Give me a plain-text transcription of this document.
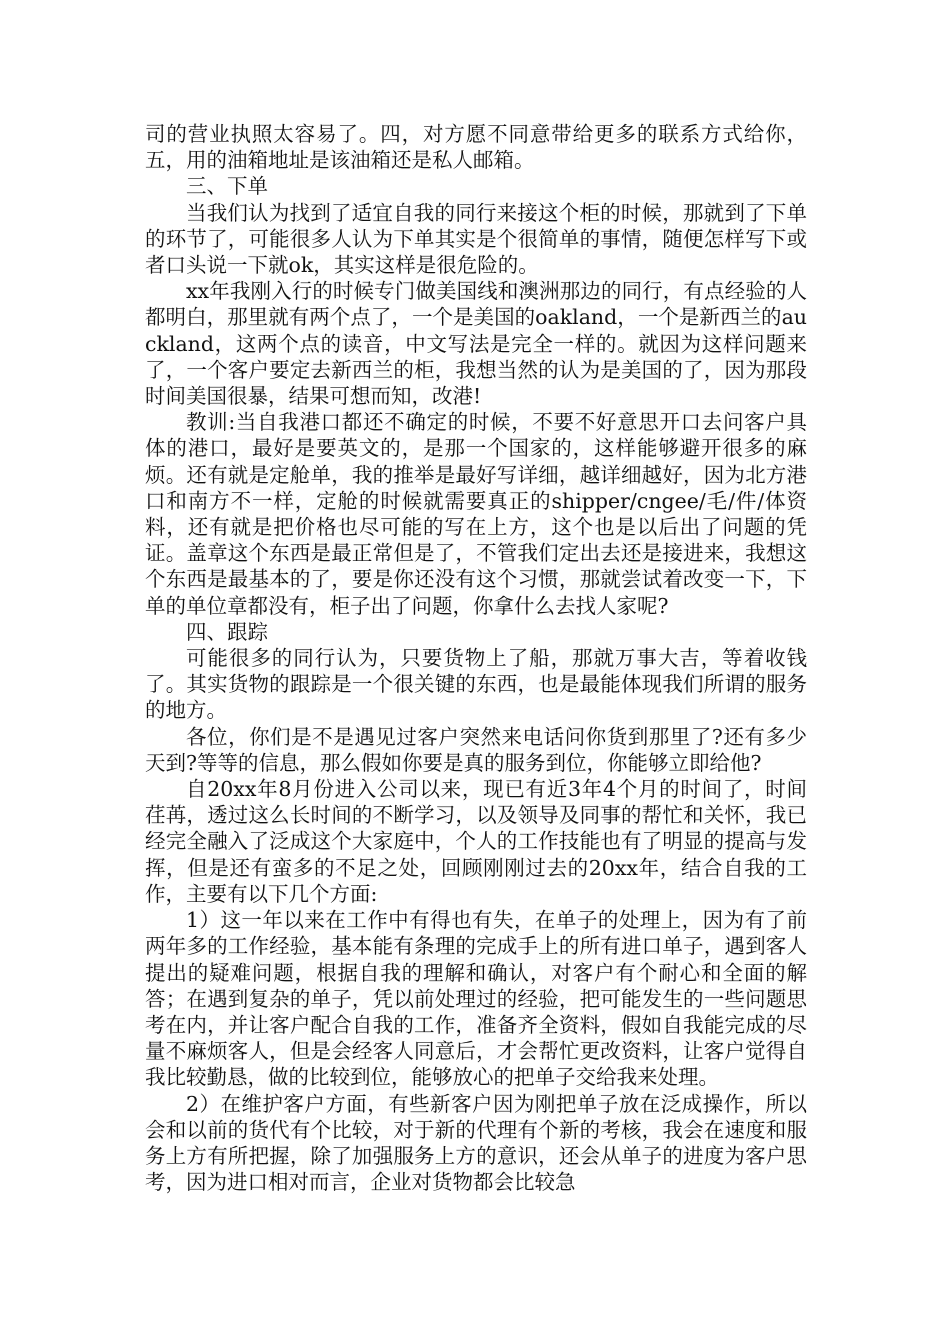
司的营业执照太容易了。四，对方愿不同意带给更多的联系方式给你，五，用的油箱地址是该油箱还是私人邮箱。

三、下单

当我们认为找到了适宜自我的同行来接这个柜的时候，那就到了下单的环节了，可能很多人认为下单其实是个很简单的事情，随便怎样写下或者口头说一下就ok，其实这样是很危险的。

xx年我刚入行的时候专门做美国线和澳洲那边的同行，有点经验的人都明白，那里就有两个点了，一个是美国的oakland，一个是新西兰的auckland，这两个点的读音，中文写法是完全一样的。就因为这样问题来了，一个客户要定去新西兰的柜，我想当然的认为是美国的了，因为那段时间美国很暴，结果可想而知，改港!

教训:当自我港口都还不确定的时候，不要不好意思开口去问客户具体的港口，最好是要英文的，是那一个国家的，这样能够避开很多的麻烦。还有就是定舱单，我的推举是最好写详细，越详细越好，因为北方港口和南方不一样，定舱的时候就需要真正的shipper/cngee/毛/件/体资料，还有就是把价格也尽可能的写在上方，这个也是以后出了问题的凭证。盖章这个东西是最正常但是了，不管我们定出去还是接进来，我想这个东西是最基本的了，要是你还没有这个习惯，那就尝试着改变一下，下单的单位章都没有，柜子出了问题，你拿什么去找人家呢?

四、跟踪

可能很多的同行认为，只要货物上了船，那就万事大吉，等着收钱了。其实货物的跟踪是一个很关键的东西，也是最能体现我们所谓的服务的地方。

各位，你们是不是遇见过客户突然来电话问你货到那里了?还有多少天到?等等的信息，那么假如你要是真的服务到位，你能够立即给他?

自20xx年8月份进入公司以来，现已有近3年4个月的时间了，时间荏苒，透过这么长时间的不断学习，以及领导及同事的帮忙和关怀，我已经完全融入了泛成这个大家庭中，个人的工作技能也有了明显的提高与发挥，但是还有蛮多的不足之处，回顾刚刚过去的20xx年，结合自我的工作，主要有以下几个方面:

1）这一年以来在工作中有得也有失，在单子的处理上，因为有了前两年多的工作经验，基本能有条理的完成手上的所有进口单子，遇到客人提出的疑难问题，根据自我的理解和确认，对客户有个耐心和全面的解答；在遇到复杂的单子，凭以前处理过的经验，把可能发生的一些问题思考在内，并让客户配合自我的工作，准备齐全资料，假如自我能完成的尽量不麻烦客人，但是会经客人同意后，才会帮忙更改资料，让客户觉得自我比较勤恳，做的比较到位，能够放心的把单子交给我来处理。

2）在维护客户方面，有些新客户因为刚把单子放在泛成操作，所以会和以前的货代有个比较，对于新的代理有个新的考核，我会在速度和服务上方有所把握，除了加强服务上方的意识，还会从单子的进度为客户思考，因为进口相对而言，企业对货物都会比较急
